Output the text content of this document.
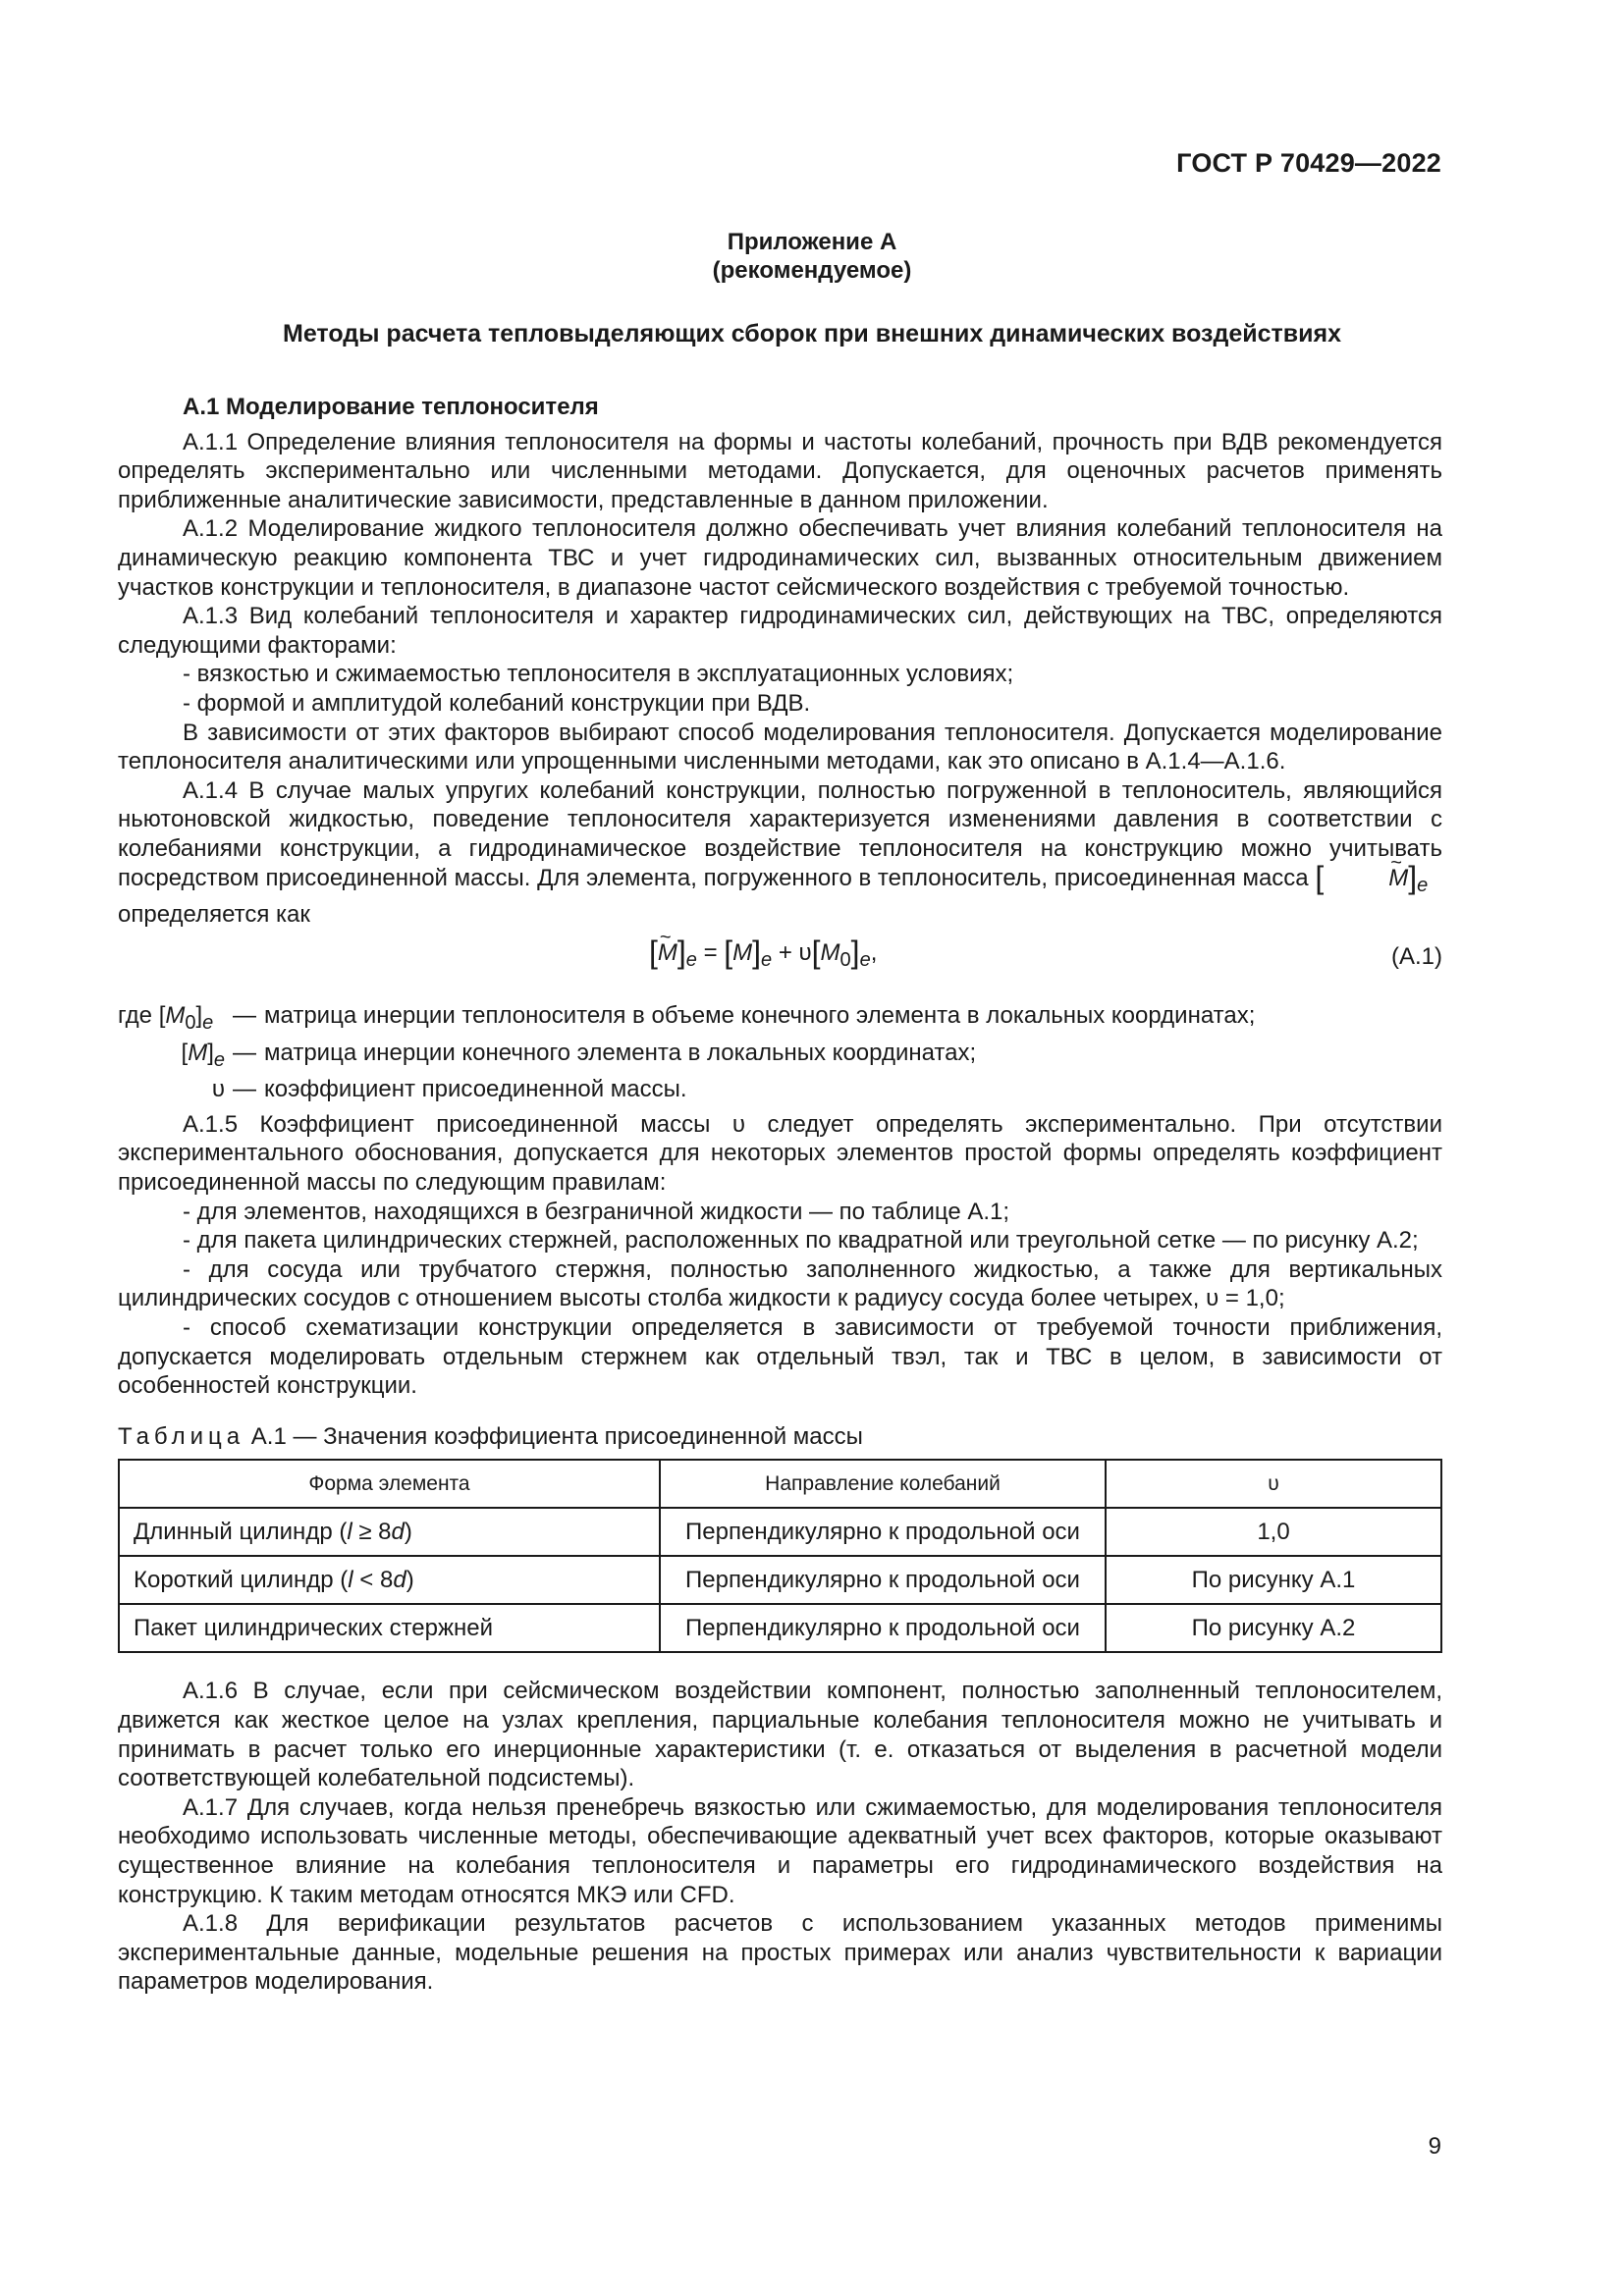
ГОСТ Р 70429—2022
Приложение А
(рекомендуемое)
Методы расчета тепловыделяющих сборок при внешних динамических воздействиях
А.1 Моделирование теплоносителя

А.1.1 Определение влияния теплоносителя на формы и частоты колебаний, прочность при ВДВ рекомендуется определять экспериментально или численными методами. Допускается, для оценочных расчетов применять приближенные аналитические зависимости, представленные в данном приложении.

А.1.2 Моделирование жидкого теплоносителя должно обеспечивать учет влияния колебаний теплоносителя на динамическую реакцию компонента ТВС и учет гидродинамических сил, вызванных относительным движением участков конструкции и теплоносителя, в диапазоне частот сейсмического воздействия с требуемой точностью.

А.1.3 Вид колебаний теплоносителя и характер гидродинамических сил, действующих на ТВС, определяются следующими факторами:

- вязкостью и сжимаемостью теплоносителя в эксплуатационных условиях;

- формой и амплитудой колебаний конструкции при ВДВ.

В зависимости от этих факторов выбирают способ моделирования теплоносителя. Допускается моделирование теплоносителя аналитическими или упрощенными численными методами, как это описано в А.1.4—А.1.6.

А.1.4 В случае малых упругих колебаний конструкции, полностью погруженной в теплоноситель, являющийся ньютоновской жидкостью, поведение теплоносителя характеризуется изменениями давления в соответствии с колебаниями конструкции, а гидродинамическое воздействие теплоносителя на конструкцию можно учитывать посредством присоединенной массы. Для элемента, погруженного в теплоноситель, присоединенная масса [	~ $M]_e$

определяется как

[~ $M]_e = [M]_e + \upsilon[M_0]_e$,	(А.1)
где $[M_0]_e$ — матрица инерции теплоносителя в объеме конечного элемента в локальных координатах;
$[M]_e$ — матрица инерции конечного элемента в локальных координатах;
υ — коэффициент присоединенной массы.

А.1.5 Коэффициент присоединенной массы υ следует определять экспериментально. При отсутствии экспериментального обоснования, допускается для некоторых элементов простой формы определять коэффициент присоединенной массы по следующим правилам:

- для элементов, находящихся в безграничной жидкости — по таблице А.1;

- для пакета цилиндрических стержней, расположенных по квадратной или треугольной сетке — по рисунку А.2;

- для сосуда или трубчатого стержня, полностью заполненного жидкостью, а также для вертикальных цилиндрических сосудов с отношением высоты столба жидкости к радиусу сосуда более четырех, υ = 1,0;

- способ схематизации конструкции определяется в зависимости от требуемой точности приближения, допускается моделировать отдельным стержнем как отдельный твэл, так и ТВС в целом, в зависимости от особенностей конструкции.

Таблица А.1 — Значения коэффициента присоединенной массы
Форма элемента	Направление колебаний	υ
Длинный цилиндр (l ≥ 8d)	Перпендикулярно к продольной оси	1,0
Короткий цилиндр (l < 8d)	Перпендикулярно к продольной оси	По рисунку А.1
Пакет цилиндрических стержней	Перпендикулярно к продольной оси	По рисунку А.2

А.1.6 В случае, если при сейсмическом воздействии компонент, полностью заполненный теплоносителем, движется как жесткое целое на узлах крепления, парциальные колебания теплоносителя можно не учитывать и принимать в расчет только его инерционные характеристики (т. е. отказаться от выделения в расчетной модели соответствующей колебательной подсистемы).

А.1.7 Для случаев, когда нельзя пренебречь вязкостью или сжимаемостью, для моделирования теплоносителя необходимо использовать численные методы, обеспечивающие адекватный учет всех факторов, которые оказывают существенное влияние на колебания теплоносителя и параметры его гидродинамического воздействия на конструкцию. К таким методам относятся МКЭ или CFD.

А.1.8 Для верификации результатов расчетов с использованием указанных методов применимы экспериментальные данные, модельные решения на простых примерах или анализ чувствительности к вариации параметров моделирования.

9
